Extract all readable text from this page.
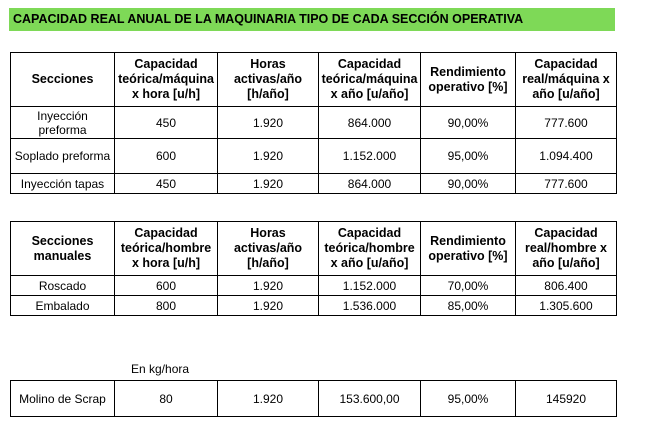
CAPACIDAD REAL ANUAL DE LA MAQUINARIA TIPO DE CADA SECCIÓN OPERATIVA
Secciones	Capacidad teórica/máquina x hora [u/h]	Horas activas/año [h/año]	Capacidad teórica/máquina x año [u/año]	Rendimiento operativo [%]	Capacidad real/máquina x año [u/año]
Inyección preforma	450	1.920	864.000	90,00%	777.600
Soplado preforma	600	1.920	1.152.000	95,00%	1.094.400
Inyección tapas	450	1.920	864.000	90,00%	777.600
Secciones manuales	Capacidad teórica/hombre x hora [u/h]	Horas activas/año [h/año]	Capacidad teórica/hombre x año [u/año]	Rendimiento operativo [%]	Capacidad real/hombre x año [u/año]
Roscado	600	1.920	1.152.000	70,00%	806.400
Embalado	800	1.920	1.536.000	85,00%	1.305.600
En kg/hora
Molino de Scrap	80	1.920	153.600,00	95,00%	145920
